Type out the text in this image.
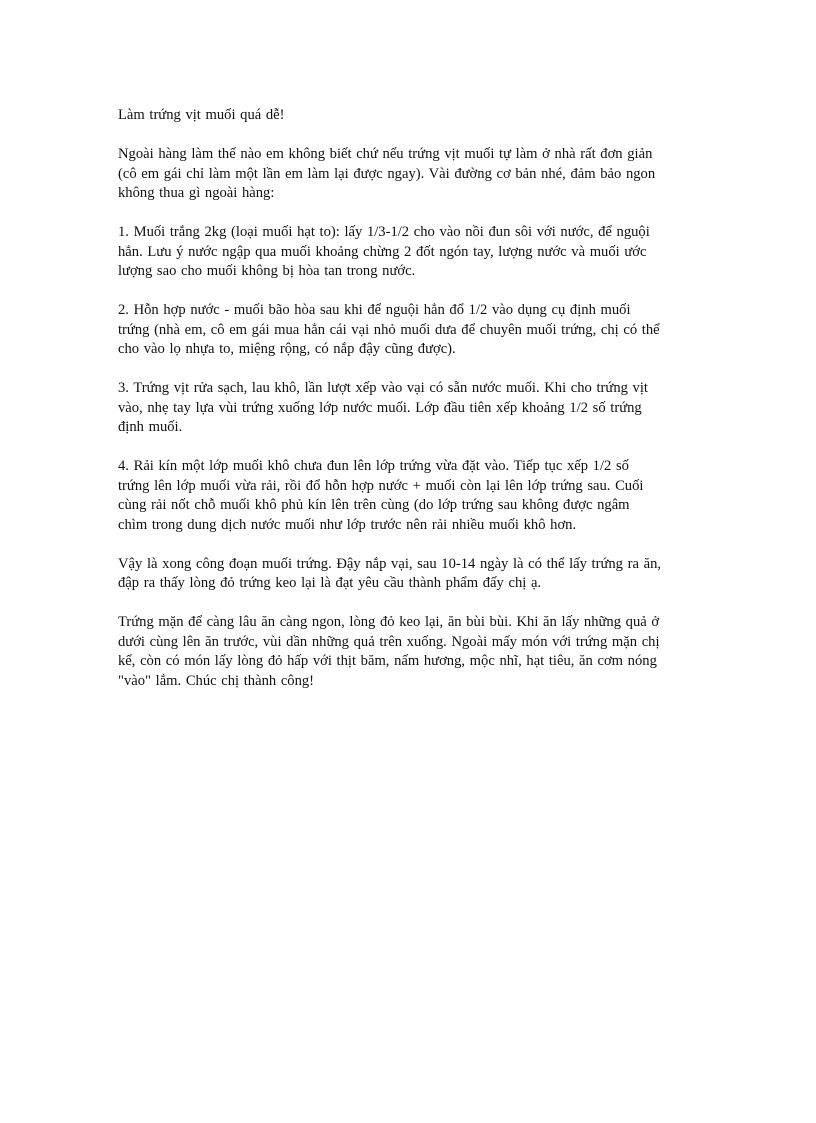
Làm trứng vịt muối quá dễ!

Ngoài hàng làm thế nào em không biết chứ nếu trứng vịt muối tự làm ở nhà rất đơn giản
(cô em gái chỉ làm một lần em làm lại được ngay). Vài đường cơ bản nhé, đảm bảo ngon
không thua gì ngoài hàng:

1. Muối trắng 2kg (loại muối hạt to): lấy 1/3-1/2 cho vào nồi đun sôi với nước, để nguội
hẳn. Lưu ý nước ngập qua muối khoảng chừng 2 đốt ngón tay, lượng nước và muối ước
lượng sao cho muối không bị hòa tan trong nước.

2. Hỗn hợp nước - muối bão hòa sau khi để nguội hẳn đổ 1/2 vào dụng cụ định muối
trứng (nhà em, cô em gái mua hẳn cái vại nhỏ muối dưa để chuyên muối trứng, chị có thể
cho vào lọ nhựa to, miệng rộng, có nắp đậy cũng được).

3. Trứng vịt rửa sạch, lau khô, lần lượt xếp vào vại có sẵn nước muối. Khi cho trứng vịt
vào, nhẹ tay lựa vùi trứng xuống lớp nước muối. Lớp đầu tiên xếp khoảng 1/2 số trứng
định muối.

4. Rải kín một lớp muối khô chưa đun lên lớp trứng vừa đặt vào. Tiếp tục xếp 1/2 số
trứng lên lớp muối vừa rải, rồi đổ hỗn hợp nước + muối còn lại lên lớp trứng sau. Cuối
cùng rải nốt chỗ muối khô phủ kín lên trên cùng (do lớp trứng sau không được ngâm
chìm trong dung dịch nước muối như lớp trước nên rải nhiều muối khô hơn.

Vậy là xong công đoạn muối trứng. Đậy nắp vại, sau 10-14 ngày là có thể lấy trứng ra ăn,
đập ra thấy lòng đỏ trứng keo lại là đạt yêu cầu thành phẩm đấy chị ạ.

Trứng mặn để càng lâu ăn càng ngon, lòng đỏ keo lại, ăn bùi bùi. Khi ăn lấy những quả ở
dưới cùng lên ăn trước, vùi dần những quả trên xuống. Ngoài mấy món với trứng mặn chị
kể, còn có món lấy lòng đỏ hấp với thịt băm, nấm hương, mộc nhĩ, hạt tiêu, ăn cơm nóng
"vào" lắm. Chúc chị thành công!
